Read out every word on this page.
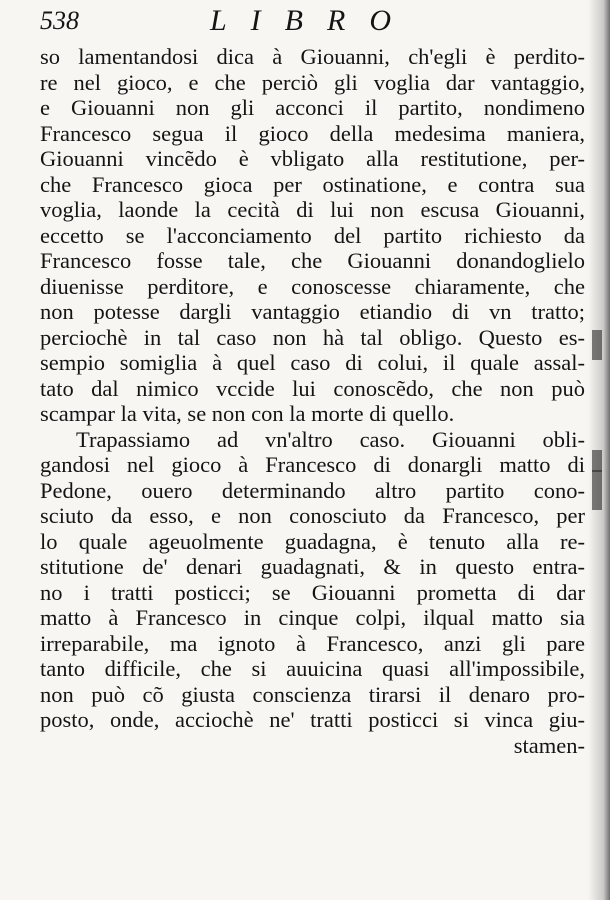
538	LIBRO
so lamentandosi dica à Giouanni, ch'egli è perdito-
re nel gioco, e che perciò gli voglia dar vantaggio,
e Giouanni non gli acconci il partito, nondimeno
Francesco segua il gioco della medesima maniera,
Giouanni vincẽdo è vbligato alla restitutione, per-
che Francesco gioca per ostinatione, e contra sua
voglia, laonde la cecità di lui non escusa Giouanni,
eccetto se l'acconciamento del partito richiesto da
Francesco fosse tale, che Giouanni donandoglielo
diuenisse perditore, e conoscesse chiaramente, che
non potesse dargli vantaggio etiandio di vn tratto;
perciochè in tal caso non hà tal obligo. Questo es-
sempio somiglia à quel caso di colui, il quale assal-
tato dal nimico vccide lui conoscẽdo, che non può
scampar la vita, se non con la morte di quello.
Trapassiamo ad vn'altro caso. Giouanni obli-
gandosi nel gioco à Francesco di donargli matto di
Pedone, ouero determinando altro partito cono-
sciuto da esso, e non conosciuto da Francesco, per
lo quale ageuolmente guadagna, è tenuto alla re-
stitutione de' denari guadagnati, & in questo entra-
no i tratti posticci; se Giouanni prometta di dar
matto à Francesco in cinque colpi, ilqual matto sia
irreparabile, ma ignoto à Francesco, anzi gli pare
tanto difficile, che si auuicina quasi all'impossibile,
non può cõ giusta conscienza tirarsi il denaro pro-
posto, onde, acciochè ne' tratti posticci si vinca giu-
stamen-
